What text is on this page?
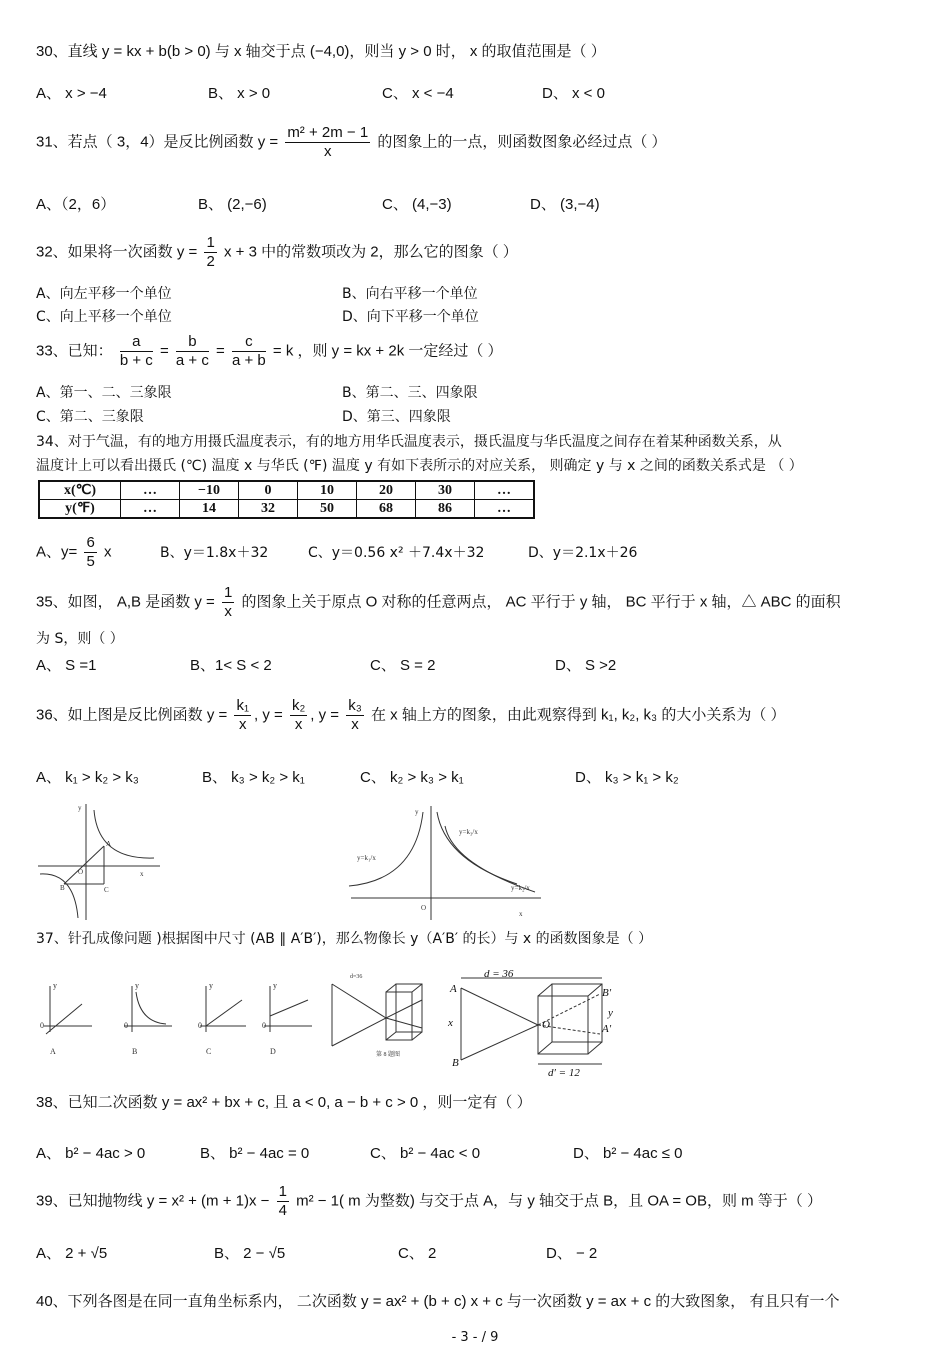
30、直线 y = kx + b(b > 0) 与 x 轴交于点 (−4,0)，则当 y > 0 时， x 的取值范围是（ ）
A、 x > −4	B、 x > 0	C、 x < −4	D、 x < 0
31、若点（ 3，4）是反比例函数 $y = \frac{\text{m² + 2m − 1}}{x}$ 的图象上的一点，则函数图象必经过点（ ）
A、（2，6）	B、 (2,−6)	C、 (4,−3)	D、 (3,−4)
32、如果将一次函数 $y = \frac{1}{2}$ x + 3 中的常数项改为 2，那么它的图象（ ）
A、向左平移一个单位	B、向右平移一个单位
C、向上平移一个单位	D、向下平移一个单位
33、已知： $\frac{a}{b + c} = \frac{b}{a + c} = \frac{c}{a + b} = k$ ，则 y = kx + 2k 一定经过（ ）
A、第一、二、三象限	B、第二、三、四象限
C、第二、三象限	D、第三、四象限
34、对于气温，有的地方用摄氏温度表示，有的地方用华氏温度表示，摄氏温度与华氏温度之间存在着某种函数关系，从
温度计上可以看出摄氏 (℃) 温度 x 与华氏 (℉) 温度 y 有如下表所示的对应关系， 则确定 y 与 x 之间的函数关系式是 （ ）
x(℃)	…	−10	0	10	20	30	…
y(℉)	…	14	32	50	68	86	…
A、$y= \frac{6}{5}$ x	B、y＝1.8x＋32	C、y＝0.56 x² ＋7.4x＋32	D、y＝2.1x＋26
35、如图， A,B 是函数 $y = \frac{1}{x}$ 的图象上关于原点 O 对称的任意两点， AC 平行于 y 轴， BC 平行于 x 轴，△ ABC 的面积
为 S，则（ ）
A、 S =1	B、1< S < 2	C、 S = 2	D、 S >2
36、如上图是反比例函数 $y = \frac{\text{k₁}}{x}$ , $y = \frac{\text{k₂}}{x}$ , $y = \frac{\text{k₃}}{x}$ 在 x 轴上方的图象，由此观察得到 k₁, k₂, k₃ 的大小关系为（ ）
A、 k₁ > k₂ > k₃	B、 k₃ > k₂ > k₁	C、 k₂ > k₃ > k₁	D、 k₃ > k₁ > k₂
y
A
O
B	C
x
y
y=k₁/x
y=k₃/x
y=k₂/x
O
x
37、针孔成像问题 )根据图中尺寸 (AB ∥ A′B′)，那么物像长 y（A′B′ 的长）与 x 的函数图象是（ ）
y
0
y
0
y
0
y
0
A	B	C	D
d=36
第 8 题图
d = 36
d′ = 12
A
B
x	O
B′
A′
y
38、已知二次函数 y = ax² + bx + c, 且 a < 0, a − b + c > 0 ，则一定有（ ）
A、 b² − 4ac > 0	B、 b² − 4ac = 0	C、 b² − 4ac < 0	D、 b² − 4ac ≤ 0
39、已知抛物线 $y = x^2 + (m + 1)x - \frac{1}{4} m^2 - 1$( m 为整数) 与交于点 A，与 y 轴交于点 B，且 OA = OB，则 m 等于（ ）
A、 2 + √5	B、 2 − √5	C、 2	D、 − 2
40、下列各图是在同一直角坐标系内， 二次函数 y = ax² + (b + c) x + c 与一次函数 y = ax + c 的大致图象， 有且只有一个
- 3 - / 9
